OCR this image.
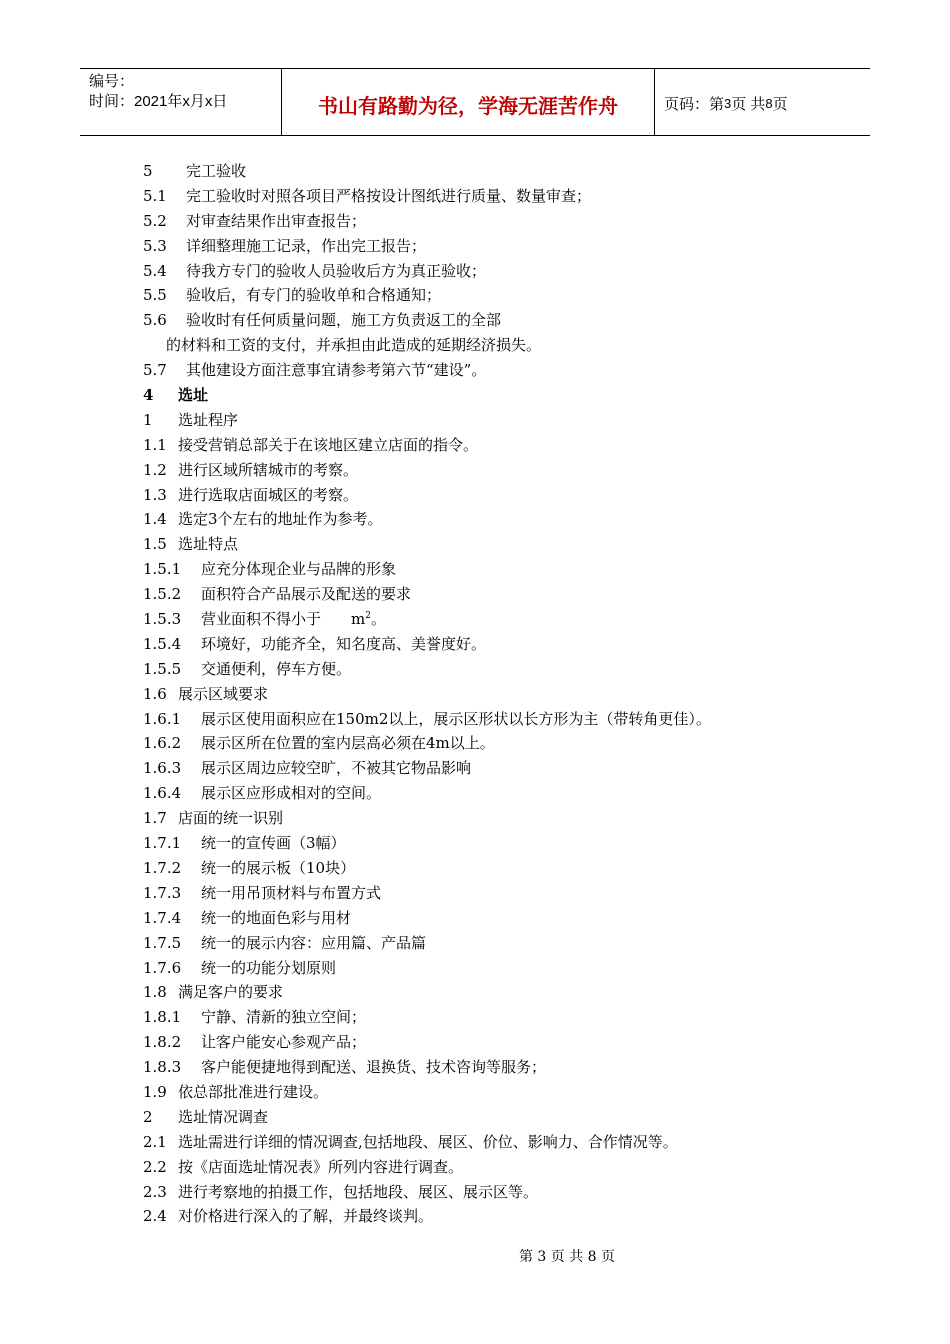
编号：
时间：2021年x月x日	书山有路勤为径，学海无涯苦作舟	页码：第 3 页 共 8 页
5 完工验收
5.1 完工验收时对照各项目严格按设计图纸进行质量、数量审查；
5.2 对审查结果作出审查报告；
5.3 详细整理施工记录，作出完工报告；
5.4 待我方专门的验收人员验收后方为真正验收；
5.5 验收后，有专门的验收单和合格通知；
5.6 验收时有任何质量问题，施工方负责返工的全部
的材料和工资的支付，并承担由此造成的延期经济损失。
5.7 其他建设方面注意事宜请参考第六节“建设”。
4 选址
1 选址程序
1.1 接受营销总部关于在该地区建立店面的指令。
1.2 进行区域所辖城市的考察。
1.3 进行选取店面城区的考察。
1.4 选定3个左右的地址作为参考。
1.5 选址特点
1.5.1 应充分体现企业与品牌的形象
1.5.2 面积符合产品展示及配送的要求
1.5.3 营业面积不得小于 $m^2$。
1.5.4 环境好，功能齐全，知名度高、美誉度好。
1.5.5 交通便利，停车方便。
1.6 展示区域要求
1.6.1 展示区使用面积应在150m2以上，展示区形状以长方形为主（带转角更佳）。
1.6.2 展示区所在位置的室内层高必须在4m以上。
1.6.3 展示区周边应较空旷，不被其它物品影响
1.6.4 展示区应形成相对的空间。
1.7 店面的统一识别
1.7.1 统一的宣传画（3幅）
1.7.2 统一的展示板（10块）
1.7.3 统一用吊顶材料与布置方式
1.7.4 统一的地面色彩与用材
1.7.5 统一的展示内容：应用篇、产品篇
1.7.6 统一的功能分划原则
1.8 满足客户的要求
1.8.1 宁静、清新的独立空间；
1.8.2 让客户能安心参观产品；
1.8.3 客户能便捷地得到配送、退换货、技术咨询等服务；
1.9 依总部批准进行建设。
2 选址情况调查
2.1 选址需进行详细的情况调查,包括地段、展区、价位、影响力、合作情况等。
2.2 按《店面选址情况表》所列内容进行调查。
2.3 进行考察地的拍摄工作，包括地段、展区、展示区等。
2.4 对价格进行深入的了解，并最终谈判。
第 3 页 共 8 页
